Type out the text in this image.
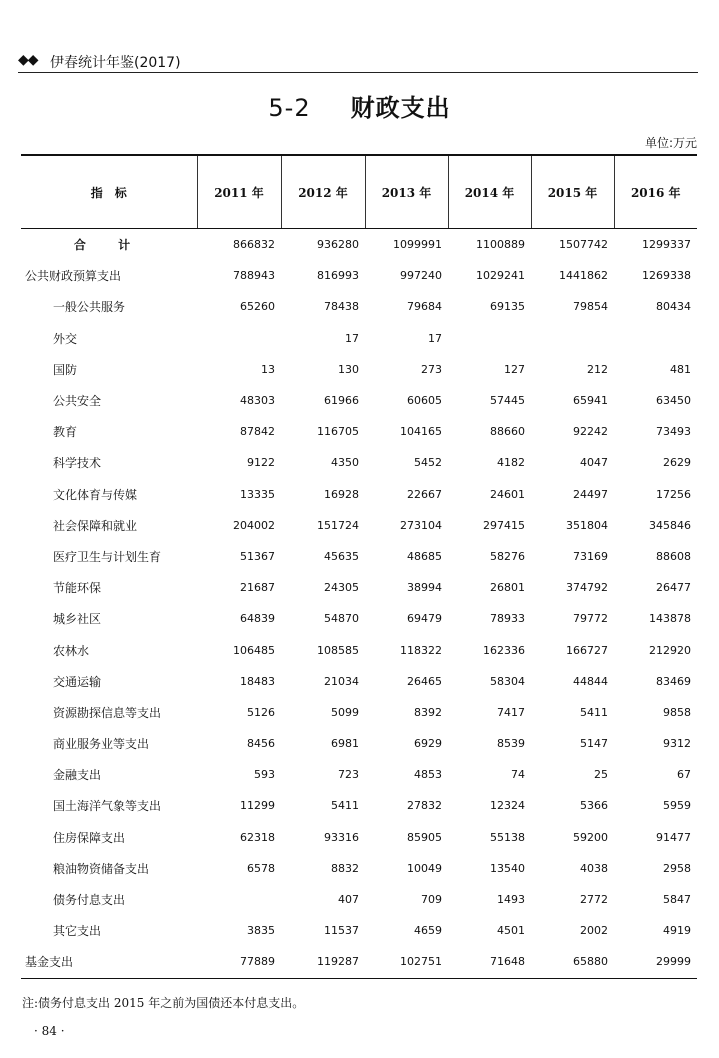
◆◆ 伊春统计年鉴(2017)
5-2 财政支出
单位:万元
指　标	2011 年	2012 年	2013 年	2014 年	2015 年	2016 年
合 计	866832	936280	1099991	1100889	1507742	1299337
公共财政预算支出	788943	816993	997240	1029241	1441862	1269338
一般公共服务	65260	78438	79684	69135	79854	80434
外交		17	17			
国防	13	130	273	127	212	481
公共安全	48303	61966	60605	57445	65941	63450
教育	87842	116705	104165	88660	92242	73493
科学技术	9122	4350	5452	4182	4047	2629
文化体育与传媒	13335	16928	22667	24601	24497	17256
社会保障和就业	204002	151724	273104	297415	351804	345846
医疗卫生与计划生育	51367	45635	48685	58276	73169	88608
节能环保	21687	24305	38994	26801	374792	26477
城乡社区	64839	54870	69479	78933	79772	143878
农林水	106485	108585	118322	162336	166727	212920
交通运输	18483	21034	26465	58304	44844	83469
资源勘探信息等支出	5126	5099	8392	7417	5411	9858
商业服务业等支出	8456	6981	6929	8539	5147	9312
金融支出	593	723	4853	74	25	67
国土海洋气象等支出	11299	5411	27832	12324	5366	5959
住房保障支出	62318	93316	85905	55138	59200	91477
粮油物资储备支出	6578	8832	10049	13540	4038	2958
债务付息支出		407	709	1493	2772	5847
其它支出	3835	11537	4659	4501	2002	4919
基金支出	77889	119287	102751	71648	65880	29999
注:债务付息支出 2015 年之前为国债还本付息支出。
· 84 ·
